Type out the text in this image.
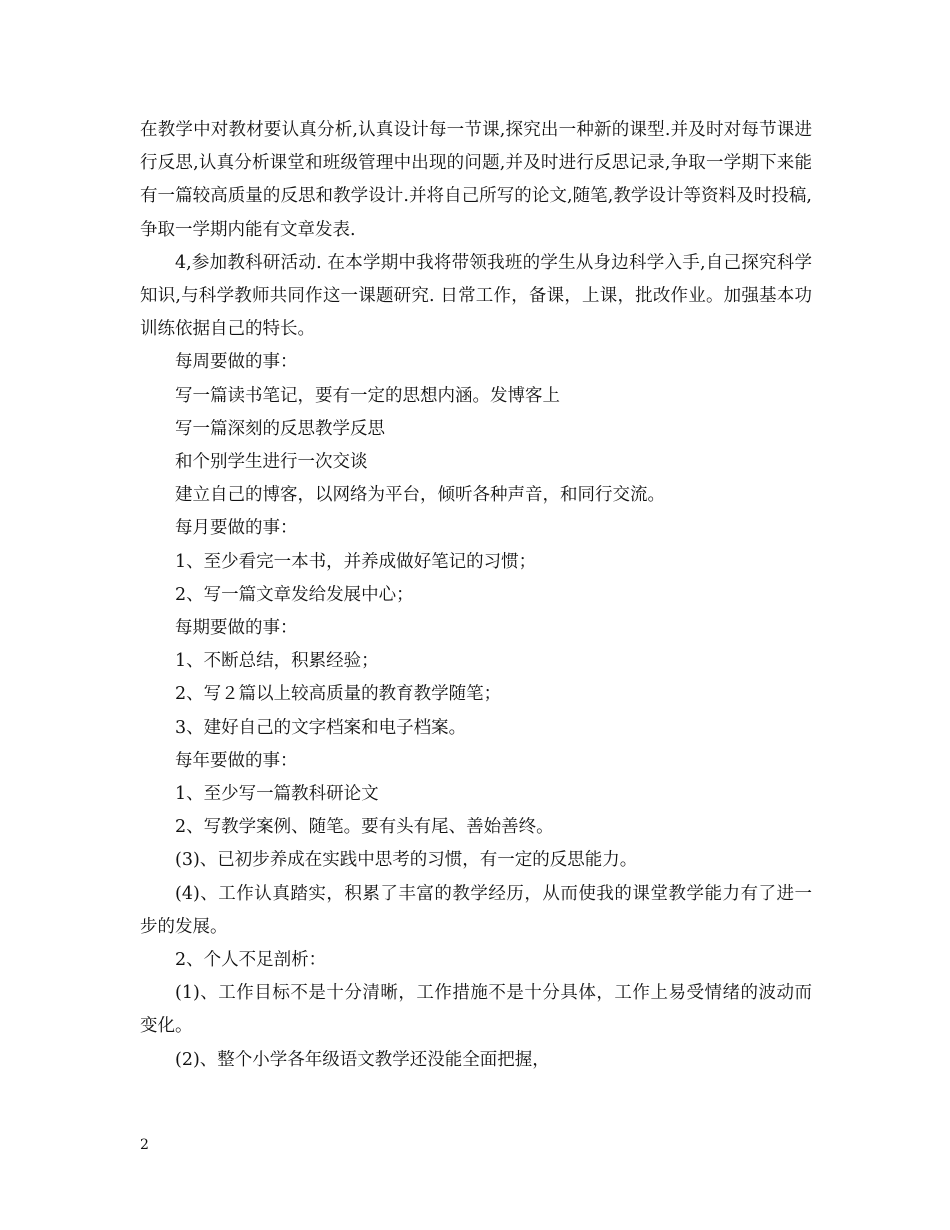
在教学中对教材要认真分析,认真设计每一节课,探究出一种新的课型.并及时对每节课进行反思,认真分析课堂和班级管理中出现的问题,并及时进行反思记录,争取一学期下来能有一篇较高质量的反思和教学设计.并将自己所写的论文,随笔,教学设计等资料及时投稿,争取一学期内能有文章发表.

4,参加教科研活动. 在本学期中我将带领我班的学生从身边科学入手,自己探究科学知识,与科学教师共同作这一课题研究. 日常工作，备课，上课，批改作业。加强基本功训练依据自己的特长。

每周要做的事：

写一篇读书笔记，要有一定的思想内涵。发博客上

写一篇深刻的反思教学反思

和个别学生进行一次交谈

建立自己的博客，以网络为平台，倾听各种声音，和同行交流。

每月要做的事：

1、至少看完一本书，并养成做好笔记的习惯；

2、写一篇文章发给发展中心；

每期要做的事：

1、不断总结，积累经验；

2、写２篇以上较高质量的教育教学随笔；

3、建好自己的文字档案和电子档案。

每年要做的事：

1、至少写一篇教科研论文

2、写教学案例、随笔。要有头有尾、善始善终。

(3)、已初步养成在实践中思考的习惯，有一定的反思能力。

(4)、工作认真踏实，积累了丰富的教学经历，从而使我的课堂教学能力有了进一步的发展。

2、个人不足剖析：

(1)、工作目标不是十分清晰，工作措施不是十分具体，工作上易受情绪的波动而变化。

(2)、整个小学各年级语文教学还没能全面把握，

2
